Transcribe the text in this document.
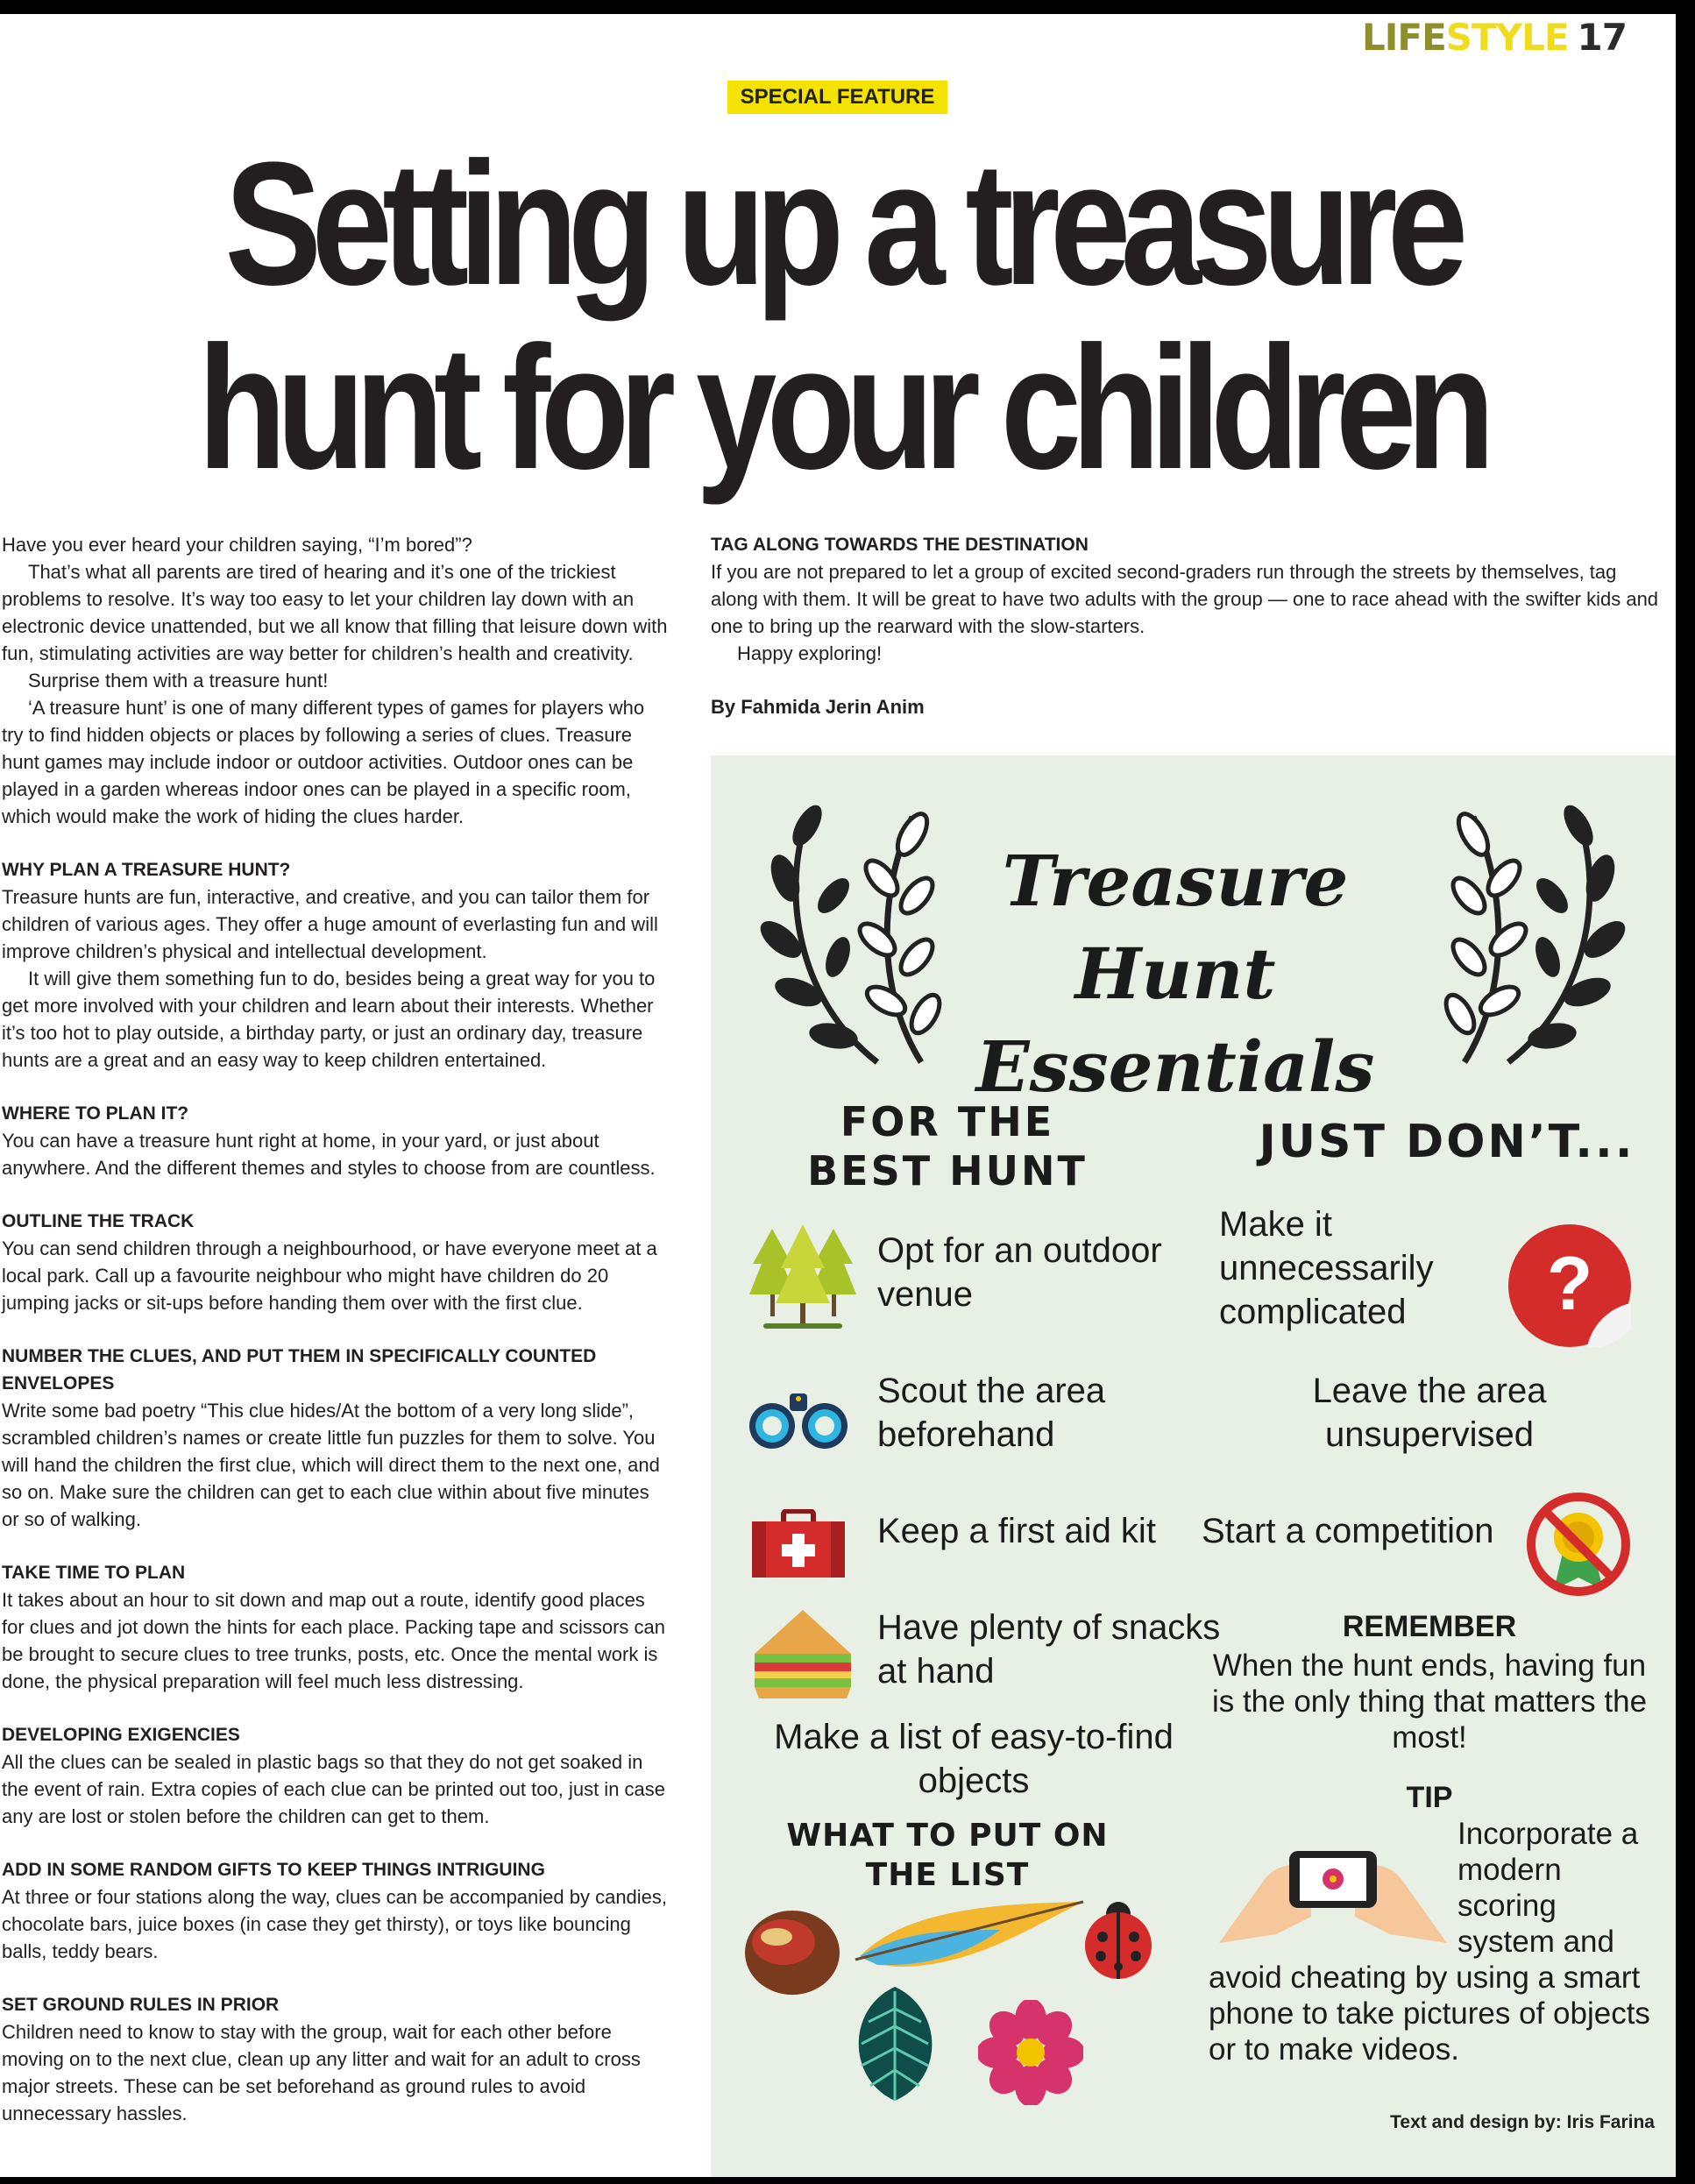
LIFESTYLE 17
SPECIAL FEATURE
Setting up a treasure hunt for your children

Have you ever heard your children saying, “I’m bored”?

That’s what all parents are tired of hearing and it’s one of the trickiest problems to resolve. It’s way too easy to let your children lay down with an electronic device unattended, but we all know that filling that leisure down with fun, stimulating activities are way better for children’s health and creativity.

Surprise them with a treasure hunt!

‘A treasure hunt’ is one of many different types of games for players who try to find hidden objects or places by following a series of clues. Treasure hunt games may include indoor or outdoor activities. Outdoor ones can be played in a garden whereas indoor ones can be played in a specific room, which would make the work of hiding the clues harder.

WHY PLAN A TREASURE HUNT?

Treasure hunts are fun, interactive, and creative, and you can tailor them for children of various ages. They offer a huge amount of everlasting fun and will improve children’s physical and intellectual development.

It will give them something fun to do, besides being a great way for you to get more involved with your children and learn about their interests. Whether it’s too hot to play outside, a birthday party, or just an ordinary day, treasure hunts are a great and an easy way to keep children entertained.

WHERE TO PLAN IT?

You can have a treasure hunt right at home, in your yard, or just about anywhere. And the different themes and styles to choose from are countless.

OUTLINE THE TRACK

You can send children through a neighbourhood, or have everyone meet at a local park. Call up a favourite neighbour who might have children do 20 jumping jacks or sit-ups before handing them over with the first clue.

NUMBER THE CLUES, AND PUT THEM IN SPECIFICALLY COUNTED ENVELOPES

Write some bad poetry “This clue hides/At the bottom of a very long slide”, scrambled children’s names or create little fun puzzles for them to solve. You will hand the children the first clue, which will direct them to the next one, and so on. Make sure the children can get to each clue within about five minutes or so of walking.

TAKE TIME TO PLAN

It takes about an hour to sit down and map out a route, identify good places for clues and jot down the hints for each place. Packing tape and scissors can be brought to secure clues to tree trunks, posts, etc. Once the mental work is done, the physical preparation will feel much less distressing.

DEVELOPING EXIGENCIES

All the clues can be sealed in plastic bags so that they do not get soaked in the event of rain. Extra copies of each clue can be printed out too, just in case any are lost or stolen before the children can get to them.

ADD IN SOME RANDOM GIFTS TO KEEP THINGS INTRIGUING

At three or four stations along the way, clues can be accompanied by candies, chocolate bars, juice boxes (in case they get thirsty), or toys like bouncing balls, teddy bears.

SET GROUND RULES IN PRIOR

Children need to know to stay with the group, wait for each other before moving on to the next clue, clean up any litter and wait for an adult to cross major streets. These can be set beforehand as ground rules to avoid unnecessary hassles.

TAG ALONG TOWARDS THE DESTINATION

If you are not prepared to let a group of excited second-graders run through the streets by themselves, tag along with them. It will be great to have two adults with the group — one to race ahead with the swifter kids and one to bring up the rearward with the slow-starters.

Happy exploring!

By Fahmida Jerin Anim

Treasure Hunt
Essentials
FOR THE BEST HUNT
JUST DON’T...
Opt for an outdoor venue
Scout the area beforehand
Keep a first aid kit
Have plenty of snacks at hand
Make a list of easy-to-find objects
WHAT TO PUT ON THE LIST
Make it unnecessarily complicated	?
Leave the area unsupervised
Start a competition
REMEMBER
When the hunt ends, having fun is the only thing that matters the most!
TIP
Incorporate a modern scoring system and
avoid cheating by using a smart phone to take pictures of objects or to make videos.
Text and design by: Iris Farina
